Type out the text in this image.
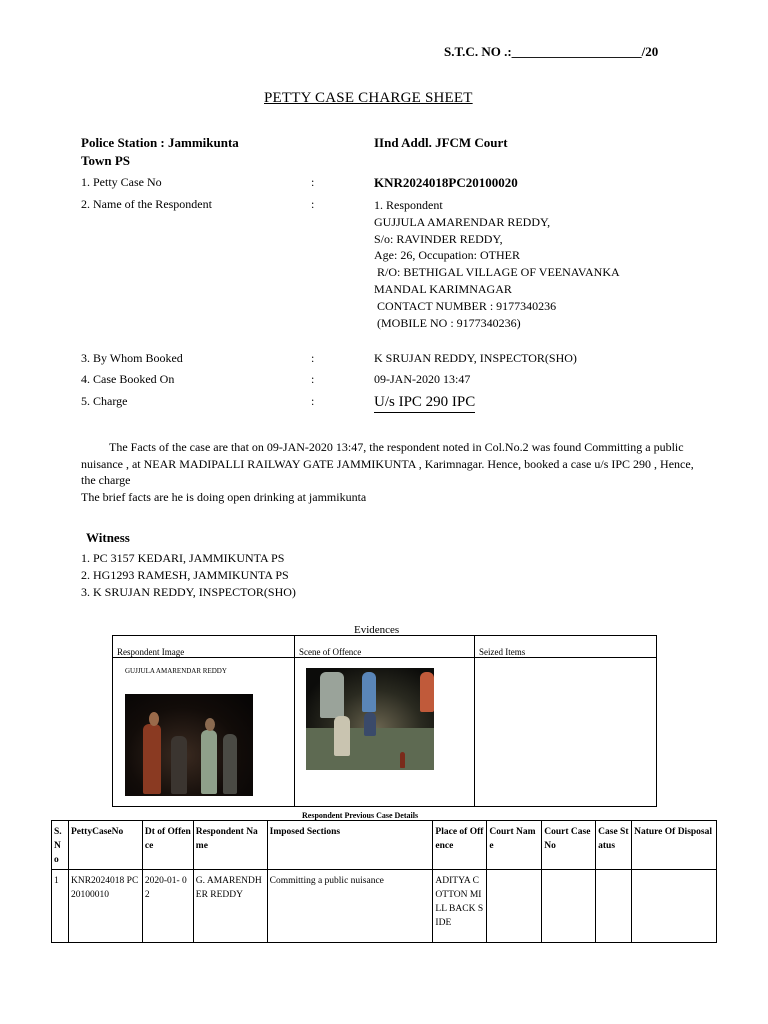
S.T.C. NO .:____________________/20
PETTY CASE CHARGE SHEET
Police Station : Jammikunta
Town PS
IInd Addl. JFCM Court
1. Petty Case No	:	KNR2024018PC20100020
2. Name of the Respondent	:	1. Respondent
GUJJULA AMARENDAR REDDY,
S/o: RAVINDER REDDY,
Age: 26, Occupation: OTHER
R/O: BETHIGAL VILLAGE OF VEENAVANKA
MANDAL KARIMNAGAR
CONTACT NUMBER : 9177340236
(MOBILE NO : 9177340236)
3. By Whom Booked	:	K SRUJAN REDDY, INSPECTOR(SHO)
4. Case Booked On	:	09-JAN-2020 13:47
5. Charge	:	U/s IPC 290 IPC

The Facts of the case are that on 09-JAN-2020 13:47, the respondent noted in Col.No.2 was found Committing a public nuisance , at NEAR MADIPALLI RAILWAY GATE JAMMIKUNTA , Karimnagar. Hence, booked a case u/s IPC 290 , Hence, the charge

The brief facts are he is doing open drinking at jammikunta

Witness
1. PC 3157 KEDARI, JAMMIKUNTA PS
2. HG1293 RAMESH, JAMMIKUNTA PS
3. K SRUJAN REDDY, INSPECTOR(SHO)
Evidences
Respondent Image	Scene of Offence	Seized Items
GUJJULA AMARENDAR REDDY
Respondent Previous Case Details
S. N o	PettyCaseNo	Dt of Offence	Respondent Name	Imposed Sections	Place of Offence	Court Name	Court Case No	Case Status	Nature Of Disposal
1	KNR2024018 PC20100010	2020-01- 02	G. AMARENDH ER REDDY	Committing a public nuisance	ADITYA COTTON MILL BACK SIDE				
